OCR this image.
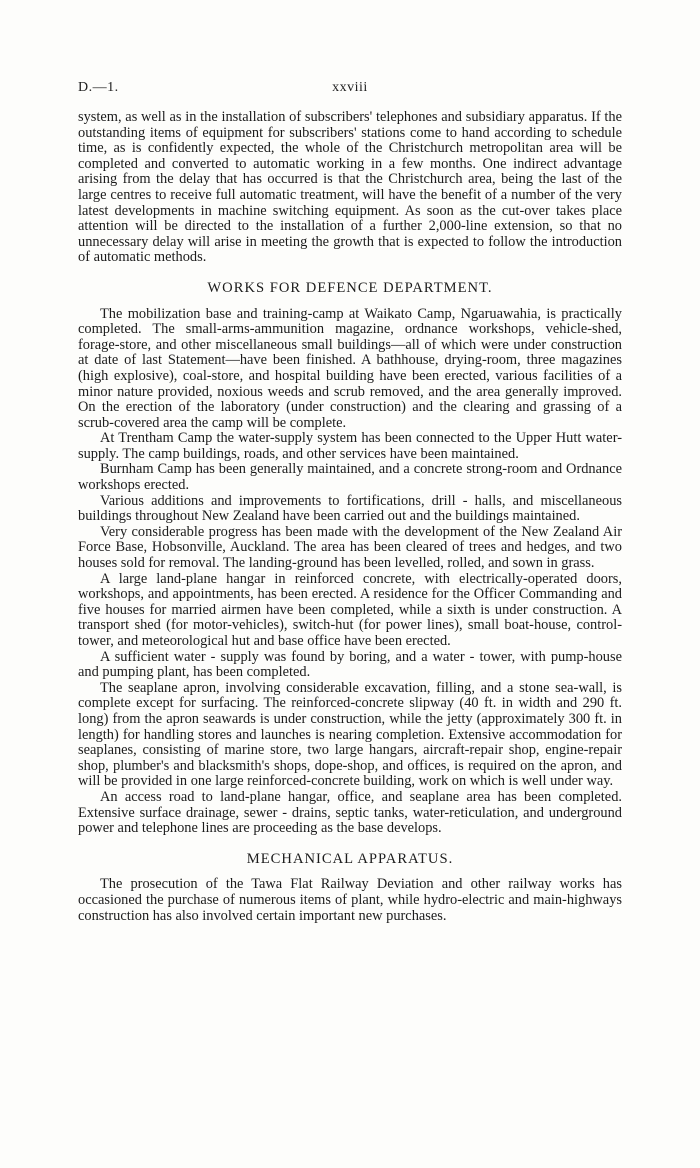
D.—1.	xxviii

system, as well as in the installation of subscribers' telephones and subsidiary apparatus. If the outstanding items of equipment for subscribers' stations come to hand according to schedule time, as is confidently expected, the whole of the Christchurch metropolitan area will be completed and converted to automatic working in a few months. One indirect advantage arising from the delay that has occurred is that the Christchurch area, being the last of the large centres to receive full automatic treatment, will have the benefit of a number of the very latest developments in machine switching equipment. As soon as the cut-over takes place attention will be directed to the installation of a further 2,000-line extension, so that no unnecessary delay will arise in meeting the growth that is expected to follow the introduction of automatic methods.

WORKS FOR DEFENCE DEPARTMENT.

The mobilization base and training-camp at Waikato Camp, Ngaruawahia, is practically completed. The small-arms-ammunition magazine, ordnance workshops, vehicle-shed, forage-store, and other miscellaneous small buildings—all of which were under construction at date of last Statement—have been finished. A bathhouse, drying-room, three magazines (high explosive), coal-store, and hospital building have been erected, various facilities of a minor nature provided, noxious weeds and scrub removed, and the area generally improved. On the erection of the laboratory (under construction) and the clearing and grassing of a scrub-covered area the camp will be complete.

At Trentham Camp the water-supply system has been connected to the Upper Hutt water-supply. The camp buildings, roads, and other services have been maintained.

Burnham Camp has been generally maintained, and a concrete strong-room and Ordnance workshops erected.

Various additions and improvements to fortifications, drill - halls, and miscellaneous buildings throughout New Zealand have been carried out and the buildings maintained.

Very considerable progress has been made with the development of the New Zealand Air Force Base, Hobsonville, Auckland. The area has been cleared of trees and hedges, and two houses sold for removal. The landing-ground has been levelled, rolled, and sown in grass.

A large land-plane hangar in reinforced concrete, with electrically-operated doors, workshops, and appointments, has been erected. A residence for the Officer Commanding and five houses for married airmen have been completed, while a sixth is under construction. A transport shed (for motor-vehicles), switch-hut (for power lines), small boat-house, control-tower, and meteorological hut and base office have been erected.

A sufficient water - supply was found by boring, and a water - tower, with pump-house and pumping plant, has been completed.

The seaplane apron, involving considerable excavation, filling, and a stone sea-wall, is complete except for surfacing. The reinforced-concrete slipway (40 ft. in width and 290 ft. long) from the apron seawards is under construction, while the jetty (approximately 300 ft. in length) for handling stores and launches is nearing completion. Extensive accommodation for seaplanes, consisting of marine store, two large hangars, aircraft-repair shop, engine-repair shop, plumber's and blacksmith's shops, dope-shop, and offices, is required on the apron, and will be provided in one large reinforced-concrete building, work on which is well under way.

An access road to land-plane hangar, office, and seaplane area has been completed. Extensive surface drainage, sewer - drains, septic tanks, water-reticulation, and underground power and telephone lines are proceeding as the base develops.

MECHANICAL APPARATUS.

The prosecution of the Tawa Flat Railway Deviation and other railway works has occasioned the purchase of numerous items of plant, while hydro-electric and main-highways construction has also involved certain important new purchases.
